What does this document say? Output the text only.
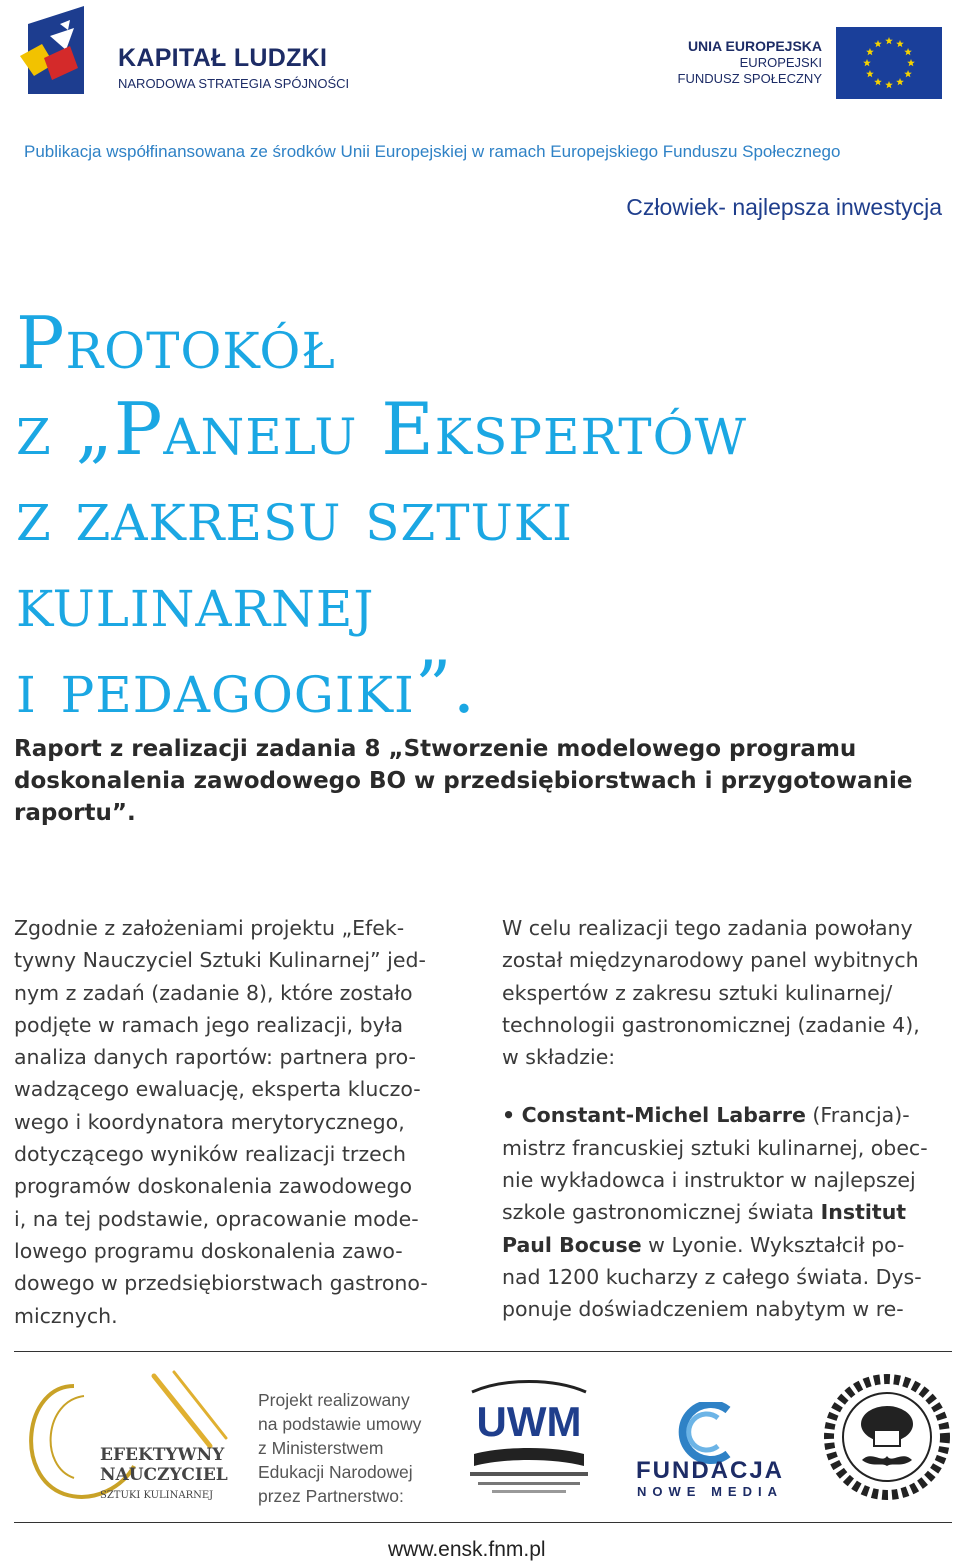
KAPITAŁ LUDZKI
NARODOWA STRATEGIA SPÓJNOŚCI
UNIA EUROPEJSKA
EUROPEJSKI
FUNDUSZ SPOŁECZNY
Publikacja współfinansowana ze środków Unii Europejskiej w ramach Europejskiego Funduszu Społecznego
Człowiek- najlepsza inwestycja
Protokół
z „Panelu Ekspertów
z zakresu sztuki
kulinarnej
i pedagogiki”.
Raport z realizacji zadania 8 „Stworzenie modelowego programu doskonalenia zawodowego BO w przedsiębiorstwach i przygotowanie raportu”.
Zgodnie z założeniami projektu „Efek-
tywny Nauczyciel Sztuki Kulinarnej” jed-
nym z zadań (zadanie 8), które zostało
podjęte w ramach jego realizacji, była
analiza danych raportów: partnera pro-
wadzącego ewaluację, eksperta kluczo-
wego i koordynatora merytorycznego,
dotyczącego wyników realizacji trzech
programów doskonalenia zawodowego
i, na tej podstawie, opracowanie mode-
lowego programu doskonalenia zawo-
dowego w przedsiębiorstwach gastrono-
micznych.
W celu realizacji tego zadania powołany
został międzynarodowy panel wybitnych
ekspertów z zakresu sztuki kulinarnej/
technologii gastronomicznej (zadanie 4),
w składzie:
• Constant-Michel Labarre (Francja)-
mistrz francuskiej sztuki kulinarnej, obec-
nie wykładowca i instruktor w najlepszej
szkole gastronomicznej świata Institut
Paul Bocuse w Lyonie. Wykształcił po-
nad 1200 kucharzy z całego świata. Dys-
ponuje doświadczeniem nabytym w re-
EFEKTYWNY
NAUCZYCIEL
SZTUKI KULINARNEJ
Projekt realizowany
na podstawie umowy
z Ministerstwem
Edukacji Narodowej
przez Partnerstwo:
UWM
FUNDACJA
NOWE MEDIA
www.ensk.fnm.pl
